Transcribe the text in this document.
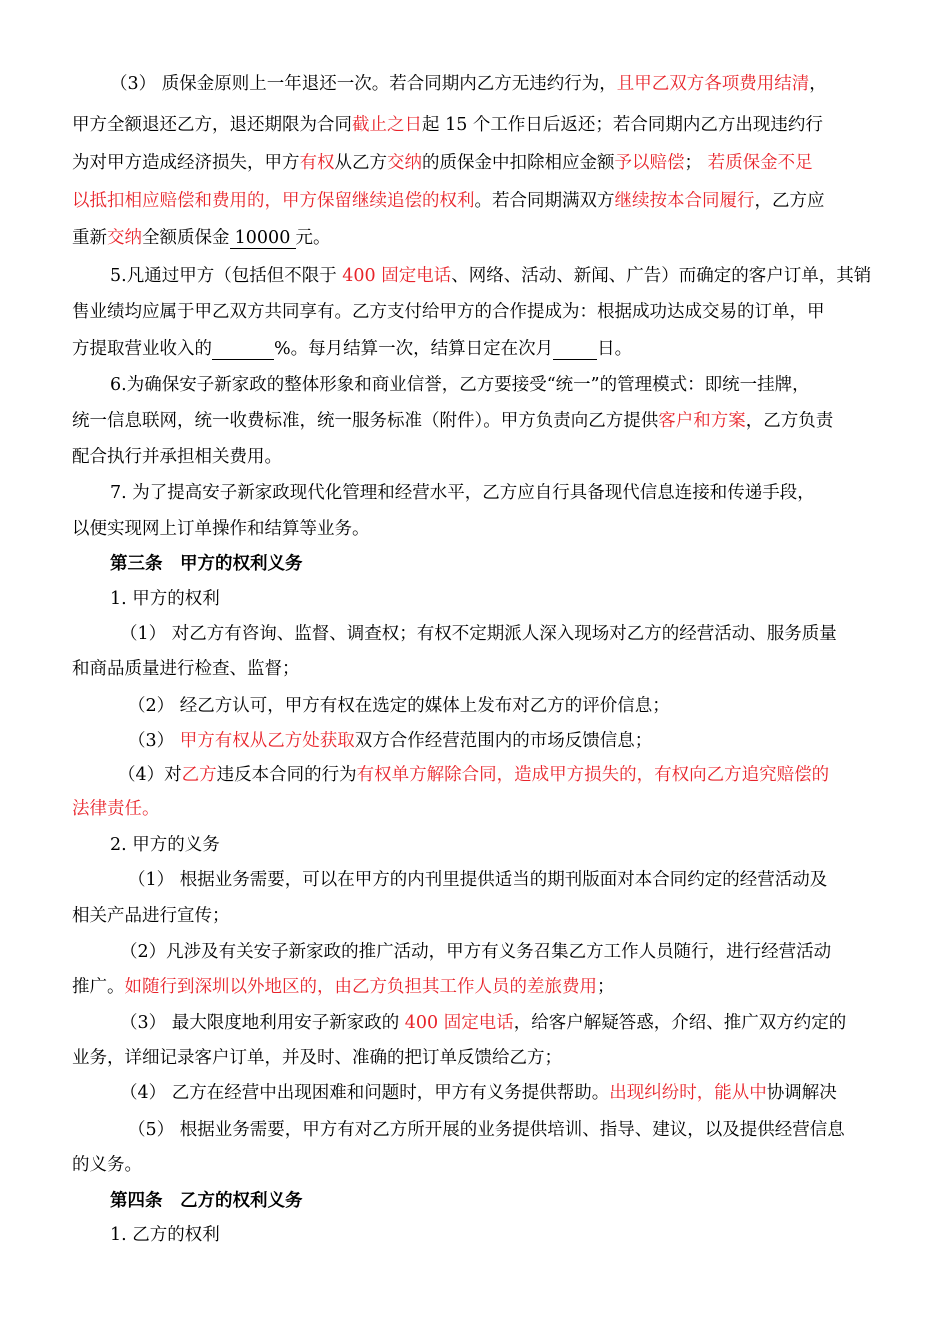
（3） 质保金原则上一年退还一次。若合同期内乙方无违约行为，且甲乙双方各项费用结清，
甲方全额退还乙方，退还期限为合同截止之日起 15 个工作日后返还；若合同期内乙方出现违约行
为对甲方造成经济损失，甲方有权从乙方交纳的质保金中扣除相应金额予以赔偿； 若质保金不足
以抵扣相应赔偿和费用的，甲方保留继续追偿的权利。若合同期满双方继续按本合同履行，乙方应
重新交纳全额质保金 10000 元。
5.凡通过甲方（包括但不限于 400 固定电话、网络、活动、新闻、广告）而确定的客户订单，其销
售业绩均应属于甲乙双方共同享有。乙方支付给甲方的合作提成为：根据成功达成交易的订单，甲
方提取营业收入的	%。每月结算一次，结算日定在次月	日。
6.为确保安子新家政的整体形象和商业信誉，乙方要接受“统一”的管理模式：即统一挂牌，
统一信息联网，统一收费标准，统一服务标准（附件）。甲方负责向乙方提供客户和方案，乙方负责
配合执行并承担相关费用。
7. 为了提高安子新家政现代化管理和经营水平，乙方应自行具备现代信息连接和传递手段，
以便实现网上订单操作和结算等业务。
第三条　甲方的权利义务
1. 甲方的权利
（1） 对乙方有咨询、监督、调查权；有权不定期派人深入现场对乙方的经营活动、服务质量
和商品质量进行检查、监督；
（2） 经乙方认可，甲方有权在选定的媒体上发布对乙方的评价信息；
（3） 甲方有权从乙方处获取双方合作经营范围内的市场反馈信息；
（4）对乙方违反本合同的行为有权单方解除合同，造成甲方损失的，有权向乙方追究赔偿的
法律责任。
2. 甲方的义务
（1） 根据业务需要，可以在甲方的内刊里提供适当的期刊版面对本合同约定的经营活动及
相关产品进行宣传；
（2）凡涉及有关安子新家政的推广活动，甲方有义务召集乙方工作人员随行，进行经营活动
推广。如随行到深圳以外地区的，由乙方负担其工作人员的差旅费用；
（3） 最大限度地利用安子新家政的 400 固定电话，给客户解疑答惑，介绍、推广双方约定的
业务，详细记录客户订单，并及时、准确的把订单反馈给乙方；
（4） 乙方在经营中出现困难和问题时，甲方有义务提供帮助。出现纠纷时，能从中协调解决
（5） 根据业务需要，甲方有对乙方所开展的业务提供培训、指导、建议，以及提供经营信息
的义务。
第四条　乙方的权利义务
1. 乙方的权利
